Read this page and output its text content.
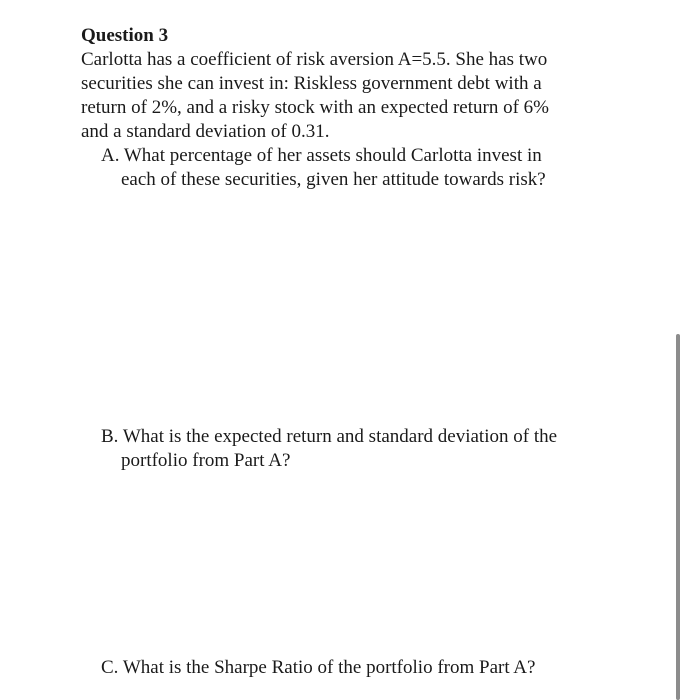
Question 3

Carlotta has a coefficient of risk aversion A=5.5. She has two
securities she can invest in: Riskless government debt with a
return of 2%, and a risky stock with an expected return of 6%
and a standard deviation of 0.31.

A. What percentage of her assets should Carlotta invest in
each of these securities, given her attitude towards risk?
B. What is the expected return and standard deviation of the
portfolio from Part A?
C. What is the Sharpe Ratio of the portfolio from Part A?
